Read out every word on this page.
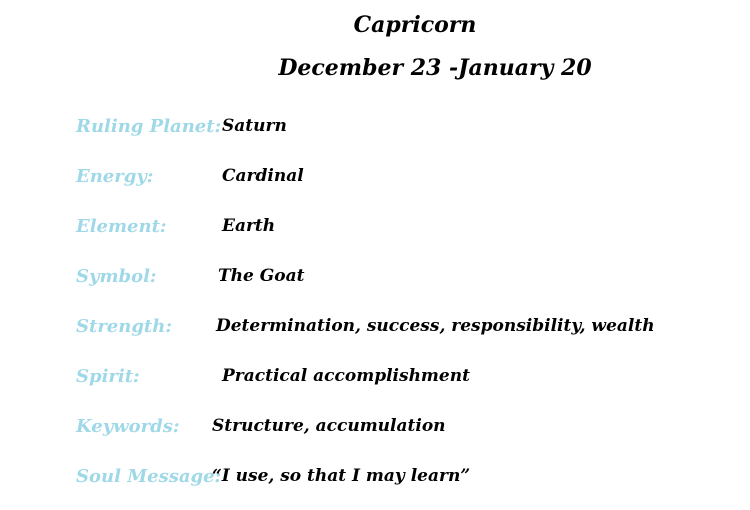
Capricorn
December 23 -January 20
Ruling Planet: Saturn
Energy:	Cardinal
Element:	Earth
Symbol:	The Goat
Strength:	Determination, success, responsibility, wealth
Spirit:	Practical accomplishment
Keywords: Structure, accumulation
Soul Message:
“I use, so that I may learn”
